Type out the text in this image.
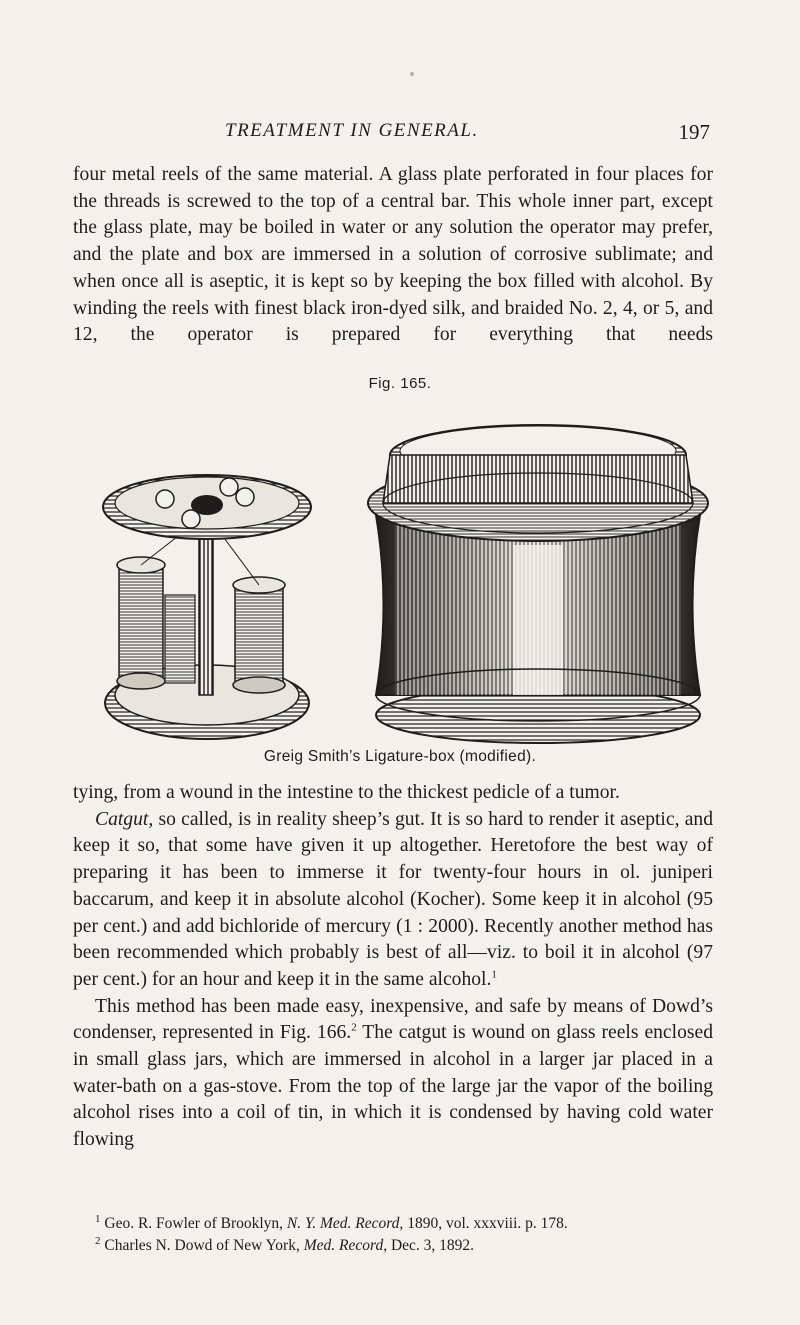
TREATMENT IN GENERAL.	197

four metal reels of the same material. A glass plate perforated in four places for the threads is screwed to the top of a central bar. This whole inner part, except the glass plate, may be boiled in water or any solution the operator may prefer, and the plate and box are immersed in a solution of corrosive sublimate; and when once all is aseptic, it is kept so by keeping the box filled with alcohol. By winding the reels with finest black iron-dyed silk, and braided No. 2, 4, or 5, and 12, the operator is prepared for everything that needs

Fig. 165.
Greig Smith’s Ligature-box (modified).

tying, from a wound in the intestine to the thickest pedicle of a tumor.

Catgut, so called, is in reality sheep’s gut. It is so hard to render it aseptic, and keep it so, that some have given it up altogether. Heretofore the best way of preparing it has been to immerse it for twenty-four hours in ol. juniperi baccarum, and keep it in absolute alcohol (Kocher). Some keep it in alcohol (95 per cent.) and add bichloride of mercury (1 : 2000). Recently another method has been recommended which probably is best of all—viz. to boil it in alcohol (97 per cent.) for an hour and keep it in the same alcohol.$^1$

This method has been made easy, inexpensive, and safe by means of Dowd’s condenser, represented in Fig. 166.$^2$ The catgut is wound on glass reels enclosed in small glass jars, which are immersed in alcohol in a larger jar placed in a water-bath on a gas-stove. From the top of the large jar the vapor of the boiling alcohol rises into a coil of tin, in which it is condensed by having cold water flowing

$^1$ Geo. R. Fowler of Brooklyn, N. Y. Med. Record, 1890, vol. xxxviii. p. 178.

$^2$ Charles N. Dowd of New York, Med. Record, Dec. 3, 1892.
